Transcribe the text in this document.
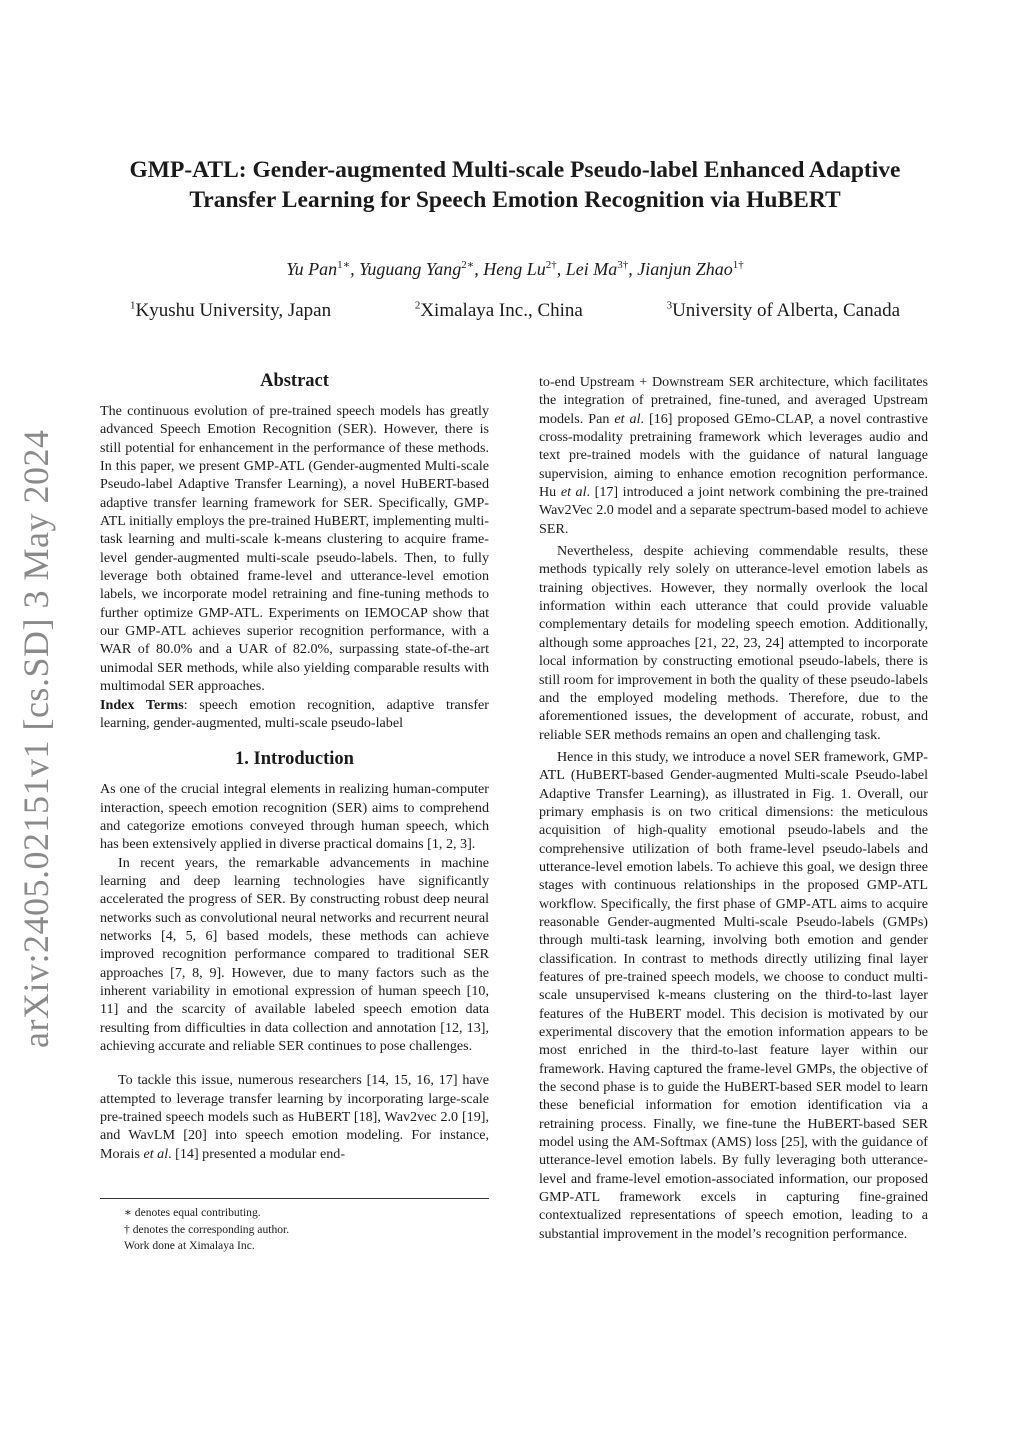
arXiv:2405.02151v1 [cs.SD] 3 May 2024
GMP-ATL: Gender-augmented Multi-scale Pseudo-label Enhanced Adaptive
Transfer Learning for Speech Emotion Recognition via HuBERT
Yu Pan$^{1∗}$, Yuguang Yang$^{2∗}$, Heng $Lu^{2\dagger}$, Lei $Ma^{3\dagger}$, Jianjun Zhao$^{1\dagger}$
$^1$Kyushu University, Japan	$^2$Ximalaya Inc., China	$^3$University of Alberta, Canada
Abstract

The continuous evolution of pre-trained speech models has greatly advanced Speech Emotion Recognition (SER). However, there is still potential for enhancement in the performance of these methods. In this paper, we present GMP-ATL (Gender-augmented Multi-scale Pseudo-label Adaptive Transfer Learning), a novel HuBERT-based adaptive transfer learning framework for SER. Specifically, GMP-ATL initially employs the pre-trained HuBERT, implementing multi-task learning and multi-scale k-means clustering to acquire frame-level gender-augmented multi-scale pseudo-labels. Then, to fully leverage both obtained frame-level and utterance-level emotion labels, we incorporate model retraining and fine-tuning methods to further optimize GMP-ATL. Experiments on IEMOCAP show that our GMP-ATL achieves superior recognition performance, with a WAR of 80.0% and a UAR of 82.0%, surpassing state-of-the-art unimodal SER methods, while also yielding comparable results with multimodal SER approaches.

Index Terms: speech emotion recognition, adaptive transfer learning, gender-augmented, multi-scale pseudo-label

1. Introduction

As one of the crucial integral elements in realizing human-computer interaction, speech emotion recognition (SER) aims to comprehend and categorize emotions conveyed through human speech, which has been extensively applied in diverse practical domains [1, 2, 3].

In recent years, the remarkable advancements in machine learning and deep learning technologies have significantly accelerated the progress of SER. By constructing robust deep neural networks such as convolutional neural networks and recurrent neural networks [4, 5, 6] based models, these methods can achieve improved recognition performance compared to traditional SER approaches [7, 8, 9]. However, due to many factors such as the inherent variability in emotional expression of human speech [10, 11] and the scarcity of available labeled speech emotion data resulting from difficulties in data collection and annotation [12, 13], achieving accurate and reliable SER continues to pose challenges.

To tackle this issue, numerous researchers [14, 15, 16, 17] have attempted to leverage transfer learning by incorporating large-scale pre-trained speech models such as HuBERT [18], Wav2vec 2.0 [19], and WavLM [20] into speech emotion modeling. For instance, Morais et al. [14] presented a modular end-

∗ denotes equal contributing.
† denotes the corresponding author.
Work done at Ximalaya Inc.

to-end Upstream + Downstream SER architecture, which facilitates the integration of pretrained, fine-tuned, and averaged Upstream models. Pan et al. [16] proposed GEmo-CLAP, a novel contrastive cross-modality pretraining framework which leverages audio and text pre-trained models with the guidance of natural language supervision, aiming to enhance emotion recognition performance. Hu et al. [17] introduced a joint network combining the pre-trained Wav2Vec 2.0 model and a separate spectrum-based model to achieve SER.

Nevertheless, despite achieving commendable results, these methods typically rely solely on utterance-level emotion labels as training objectives. However, they normally overlook the local information within each utterance that could provide valuable complementary details for modeling speech emotion. Additionally, although some approaches [21, 22, 23, 24] attempted to incorporate local information by constructing emotional pseudo-labels, there is still room for improvement in both the quality of these pseudo-labels and the employed modeling methods. Therefore, due to the aforementioned issues, the development of accurate, robust, and reliable SER methods remains an open and challenging task.

Hence in this study, we introduce a novel SER framework, GMP-ATL (HuBERT-based Gender-augmented Multi-scale Pseudo-label Adaptive Transfer Learning), as illustrated in Fig. 1. Overall, our primary emphasis is on two critical dimensions: the meticulous acquisition of high-quality emotional pseudo-labels and the comprehensive utilization of both frame-level pseudo-labels and utterance-level emotion labels. To achieve this goal, we design three stages with continuous relationships in the proposed GMP-ATL workflow. Specifically, the first phase of GMP-ATL aims to acquire reasonable Gender-augmented Multi-scale Pseudo-labels (GMPs) through multi-task learning, involving both emotion and gender classification. In contrast to methods directly utilizing final layer features of pre-trained speech models, we choose to conduct multi-scale unsupervised k-means clustering on the third-to-last layer features of the HuBERT model. This decision is motivated by our experimental discovery that the emotion information appears to be most enriched in the third-to-last feature layer within our framework. Having captured the frame-level GMPs, the objective of the second phase is to guide the HuBERT-based SER model to learn these beneficial information for emotion identification via a retraining process. Finally, we fine-tune the HuBERT-based SER model using the AM-Softmax (AMS) loss [25], with the guidance of utterance-level emotion labels. By fully leveraging both utterance-level and frame-level emotion-associated information, our proposed GMP-ATL framework excels in capturing fine-grained contextualized representations of speech emotion, leading to a substantial improvement in the model’s recognition performance.
